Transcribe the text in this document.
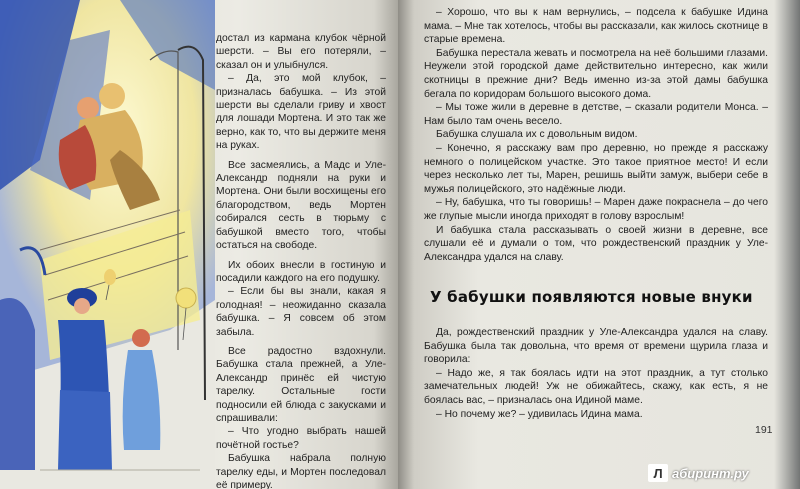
достал из кармана клубок чёрной шерсти. – Вы его потеряли, – сказал он и улыбнулся.

– Да, это мой клубок, – призналась бабушка. – Из этой шерсти вы сделали гриву и хвост для лошади Мортена. И это так же верно, как то, что вы держите меня на руках.

Все засмеялись, а Мадс и Уле-Александр подняли на руки и Мортена. Они были восхищены его благородством, ведь Мортен собирался сесть в тюрьму с бабушкой вместо того, чтобы остаться на свободе.

Их обоих внесли в гостиную и посадили каждого на его подушку.

– Если бы вы знали, какая я голодная! – неожиданно сказала бабушка. – Я совсем об этом забыла.

Все радостно вздохнули. Бабушка стала прежней, а Уле-Александр принёс ей чистую тарелку. Остальные гости подносили ей блюда с закусками и спрашивали:

– Что угодно выбрать нашей почётной гостье?

Бабушка набрала полную тарелку еды, и Мортен последовал её примеру.

– Хорошо, что вы к нам вернулись, – подсела к бабушке Идина мама. – Мне так хотелось, чтобы вы рассказали, как жилось скотнице в старые времена.

Бабушка перестала жевать и посмотрела на неё большими глазами. Неужели этой городской даме действительно интересно, как жили скотницы в прежние дни? Ведь именно из-за этой дамы бабушка бегала по коридорам большого высокого дома.

– Мы тоже жили в деревне в детстве, – сказали родители Монса. – Нам было там очень весело.

Бабушка слушала их с довольным видом.

– Конечно, я расскажу вам про деревню, но прежде я расскажу немного о полицейском участке. Это такое приятное место! И если через несколько лет ты, Марен, решишь выйти замуж, выбери себе в мужья полицейского, это надёжные люди.

– Ну, бабушка, что ты говоришь! – Марен даже покраснела – до чего же глупые мысли иногда приходят в голову взрослым!

И бабушка стала рассказывать о своей жизни в деревне, все слушали её и думали о том, что рождественский праздник у Уле-Александра удался на славу.

У бабушки появляются новые внуки

Да, рождественский праздник у Уле-Александра удался на славу. Бабушка была так довольна, что время от времени щурила глаза и говорила:

– Надо же, я так боялась идти на этот праздник, а тут столько замечательных людей! Уж не обижайтесь, скажу, как есть, я не боялась вас, – призналась она Идиной маме.

– Но почему же? – удивилась Идина мама.

191
Л абиринт.ру
